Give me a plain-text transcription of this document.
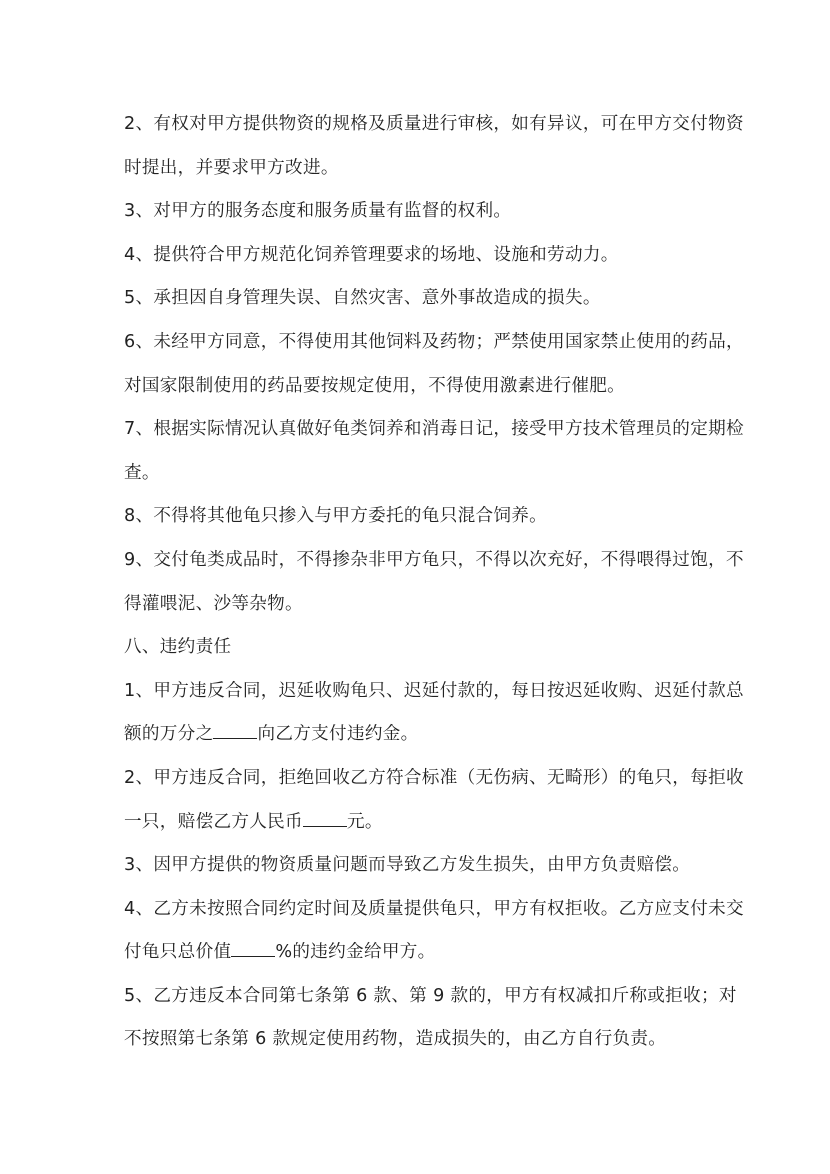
2、有权对甲方提供物资的规格及质量进行审核，如有异议，可在甲方交付物资
时提出，并要求甲方改进。
3、对甲方的服务态度和服务质量有监督的权利。
4、提供符合甲方规范化饲养管理要求的场地、设施和劳动力。
5、承担因自身管理失误、自然灾害、意外事故造成的损失。
6、未经甲方同意，不得使用其他饲料及药物；严禁使用国家禁止使用的药品，
对国家限制使用的药品要按规定使用，不得使用激素进行催肥。
7、根据实际情况认真做好龟类饲养和消毒日记，接受甲方技术管理员的定期检
查。
8、不得将其他龟只掺入与甲方委托的龟只混合饲养。
9、交付龟类成品时，不得掺杂非甲方龟只，不得以次充好，不得喂得过饱，不
得灌喂泥、沙等杂物。
八、违约责任
1、甲方违反合同，迟延收购龟只、迟延付款的，每日按迟延收购、迟延付款总
额的万分之	向乙方支付违约金。
2、甲方违反合同，拒绝回收乙方符合标准（无伤病、无畸形）的龟只，每拒收
一只，赔偿乙方人民币	元。
3、因甲方提供的物资质量问题而导致乙方发生损失，由甲方负责赔偿。
4、乙方未按照合同约定时间及质量提供龟只，甲方有权拒收。乙方应支付未交
付龟只总价值	%的违约金给甲方。
5、乙方违反本合同第七条第 6 款、第 9 款的，甲方有权减扣斤称或拒收；对
不按照第七条第 6 款规定使用药物，造成损失的，由乙方自行负责。
